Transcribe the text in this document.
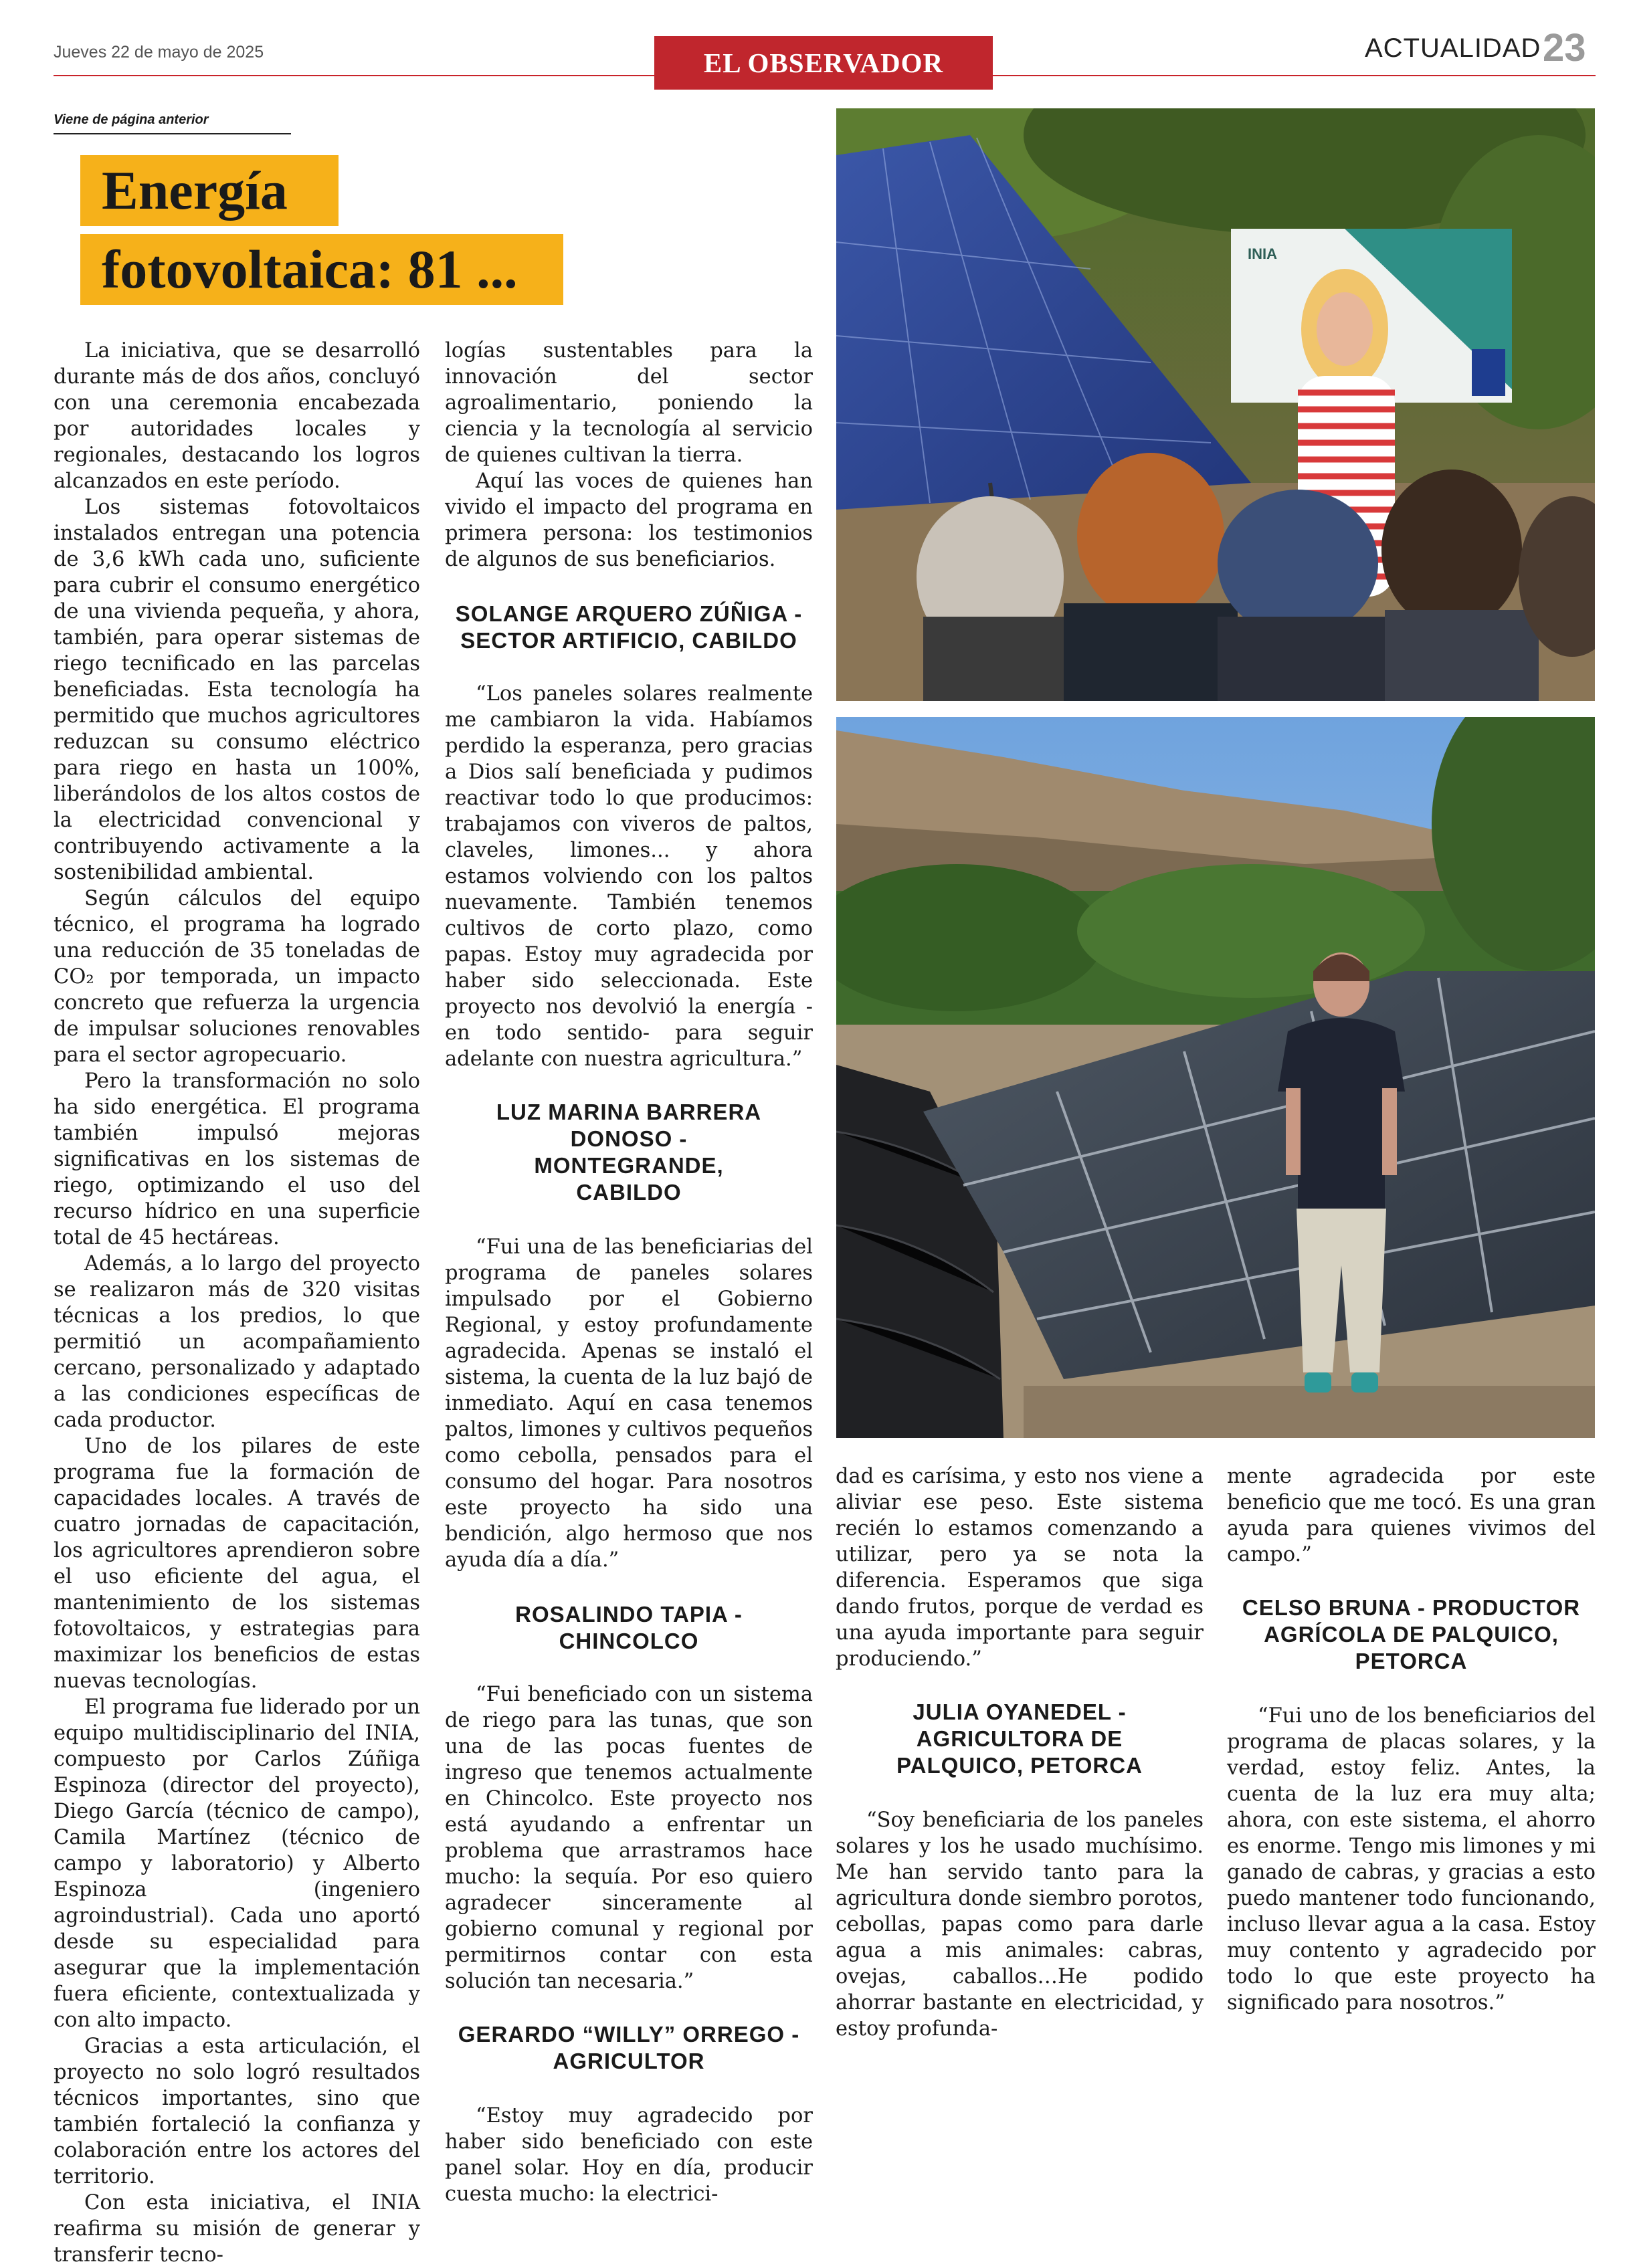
Jueves 22 de mayo de 2025	EL OBSERVADOR	ACTUALIDAD 23
Viene de página anterior
Energía
fotovoltaica: 81 ...

La iniciativa, que se desarrolló durante más de dos años, concluyó con una ceremonia encabezada por autoridades locales y regionales, destacando los logros alcanzados en este período.

Los sistemas fotovoltaicos instalados entregan una potencia de 3,6 kWh cada uno, suficiente para cubrir el consumo energético de una vivienda pequeña, y ahora, también, para operar sistemas de riego tecnificado en las parcelas beneficiadas. Esta tecnología ha permitido que muchos agricultores reduzcan su consumo eléctrico para riego en hasta un 100%, liberándolos de los altos costos de la electricidad convencional y contribuyendo activamente a la sostenibilidad ambiental.

Según cálculos del equipo técnico, el programa ha logrado una reducción de 35 toneladas de CO₂ por temporada, un impacto concreto que refuerza la urgencia de impulsar soluciones renovables para el sector agropecuario.

Pero la transformación no solo ha sido energética. El programa también impulsó mejoras significativas en los sistemas de riego, optimizando el uso del recurso hídrico en una superficie total de 45 hectáreas.

Además, a lo largo del proyecto se realizaron más de 320 visitas técnicas a los predios, lo que permitió un acompañamiento cercano, personalizado y adaptado a las condiciones específicas de cada productor.

Uno de los pilares de este programa fue la formación de capacidades locales. A través de cuatro jornadas de capacitación, los agricultores aprendieron sobre el uso eficiente del agua, el mantenimiento de los sistemas fotovoltaicos, y estrategias para maximizar los beneficios de estas nuevas tecnologías.

El programa fue liderado por un equipo multidisciplinario del INIA, compuesto por Carlos Zúñiga Espinoza (director del proyecto), Diego García (técnico de campo), Camila Martínez (técnico de campo y laboratorio) y Alberto Espinoza (ingeniero agroindustrial). Cada uno aportó desde su especialidad para asegurar que la implementación fuera eficiente, contextualizada y con alto impacto.

Gracias a esta articulación, el proyecto no solo logró resultados técnicos importantes, sino que también fortaleció la confianza y colaboración entre los actores del territorio.

Con esta iniciativa, el INIA reafirma su misión de generar y transferir tecno-

logías sustentables para la innovación del sector agroalimentario, poniendo la ciencia y la tecnología al servicio de quienes cultivan la tierra.

Aquí las voces de quienes han vivido el impacto del programa en primera persona: los testimonios de algunos de sus beneficiarios.

SOLANGE ARQUERO ZÚÑIGA - SECTOR ARTIFICIO, CABILDO

“Los paneles solares realmente me cambiaron la vida. Habíamos perdido la esperanza, pero gracias a Dios salí beneficiada y pudimos reactivar todo lo que producimos: trabajamos con viveros de paltos, claveles, limones... y ahora estamos volviendo con los paltos nuevamente. También tenemos cultivos de corto plazo, como papas. Estoy muy agradecida por haber sido seleccionada. Este proyecto nos devolvió la energía -en todo sentido- para seguir adelante con nuestra agricultura.”

LUZ MARINA BARRERA DONOSO - MONTEGRANDE, CABILDO

“Fui una de las beneficiarias del programa de paneles solares impulsado por el Gobierno Regional, y estoy profundamente agradecida. Apenas se instaló el sistema, la cuenta de la luz bajó de inmediato. Aquí en casa tenemos paltos, limones y cultivos pequeños como cebolla, pensados para el consumo del hogar. Para nosotros este proyecto ha sido una bendición, algo hermoso que nos ayuda día a día.”

ROSALINDO TAPIA - CHINCOLCO

“Fui beneficiado con un sistema de riego para las tunas, que son una de las pocas fuentes de ingreso que tenemos actualmente en Chincolco. Este proyecto nos está ayudando a enfrentar un problema que arrastramos hace mucho: la sequía. Por eso quiero agradecer sinceramente al gobierno comunal y regional por permitirnos contar con esta solución tan necesaria.”

GERARDO “WILLY” ORREGO - AGRICULTOR

“Estoy muy agradecido por haber sido beneficiado con este panel solar. Hoy en día, producir cuesta mucho: la electrici-

INIA

dad es carísima, y esto nos viene a aliviar ese peso. Este sistema recién lo estamos comenzando a utilizar, pero ya se nota la diferencia. Esperamos que siga dando frutos, porque de verdad es una ayuda importante para seguir produciendo.”

JULIA OYANEDEL - AGRICULTORA DE PALQUICO, PETORCA

“Soy beneficiaria de los paneles solares y los he usado muchísimo. Me han servido tanto para la agricultura donde siembro porotos, cebollas, papas como para darle agua a mis animales: cabras, ovejas, caballos…He podido ahorrar bastante en electricidad, y estoy profunda-

mente agradecida por este beneficio que me tocó. Es una gran ayuda para quienes vivimos del campo.”

CELSO BRUNA - PRODUCTOR AGRÍCOLA DE PALQUICO, PETORCA

“Fui uno de los beneficiarios del programa de placas solares, y la verdad, estoy feliz. Antes, la cuenta de la luz era muy alta; ahora, con este sistema, el ahorro es enorme. Tengo mis limones y mi ganado de cabras, y gracias a esto puedo mantener todo funcionando, incluso llevar agua a la casa. Estoy muy contento y agradecido por todo lo que este proyecto ha significado para nosotros.”
